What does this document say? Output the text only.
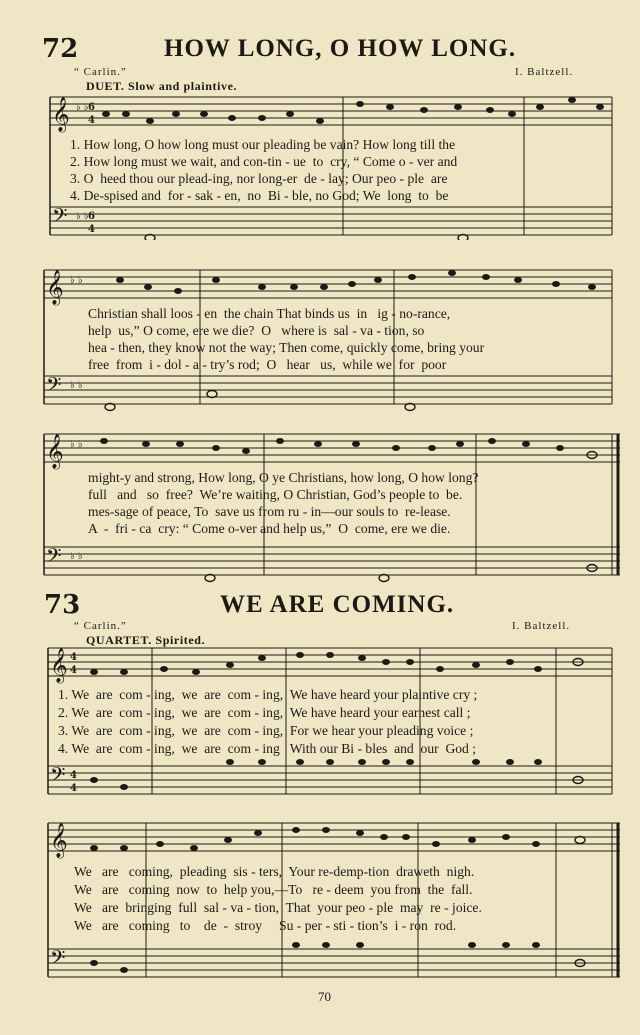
72	HOW LONG, O HOW LONG.
“ Carlin.”	I. Baltzell.
DUET. Slow and plaintive.
𝄞
𝄢
♭ ♭
♭ ♭
6
4
6
4
1. How long, O how long must our pleading be vain? How long till the
2. How long must we wait, and con-tin - ue  to  cry, “ Come o - ver and
3. O  heed thou our plead-ing, nor long-er  de - lay; Our peo - ple  are
4. De-spised and  for - sak - en,  no  Bi - ble, no God; We  long  to  be
𝄞
𝄢
♭ ♭
♭ ♭
Christian shall loos - en  the chain That binds us  in   ig - no-rance,
help  us,” O come, ere we die?  O   where is  sal - va - tion, so
hea - then, they know not the way; Then come, quickly come, bring your
free  from  i - dol - a - try’s rod;  O   hear   us,  while we  for  poor
𝄞
𝄢
♭ ♭
♭ ♭
might-y and strong, How long, O ye Christians, how long, O how long?
full   and   so  free?  We’re waiting, O Christian, God’s people to  be.
mes-sage of peace, To  save us from ru - in—our souls to  re-lease.
A  -  fri - ca  cry: “ Come o-ver and help us,”  O  come, ere we die.
73	WE ARE COMING.
“ Carlin.”	I. Baltzell.
QUARTET. Spirited.
𝄞
𝄢
4
4
4
4
1. We  are  com - ing,  we  are  com - ing,  We have heard your plaintive cry ;
2. We  are  com - ing,  we  are  com - ing,  We have heard your earnest call ;
3. We  are  com - ing,  we  are  com - ing,  For we hear your pleading voice ;
4. We  are  com - ing,  we  are  com - ing   With our Bi - bles  and  our  God ;
𝄞
𝄢
We   are   coming,  pleading  sis - ters,  Your re-demp-tion  draweth  nigh.
We   are   coming  now  to  help you,—To   re - deem  you from  the  fall.
We   are  bringing  full  sal - va - tion,  That  your peo - ple  may  re - joice.
We   are   coming   to    de  -  stroy     Su - per - sti - tion’s  i - ron  rod.
70
